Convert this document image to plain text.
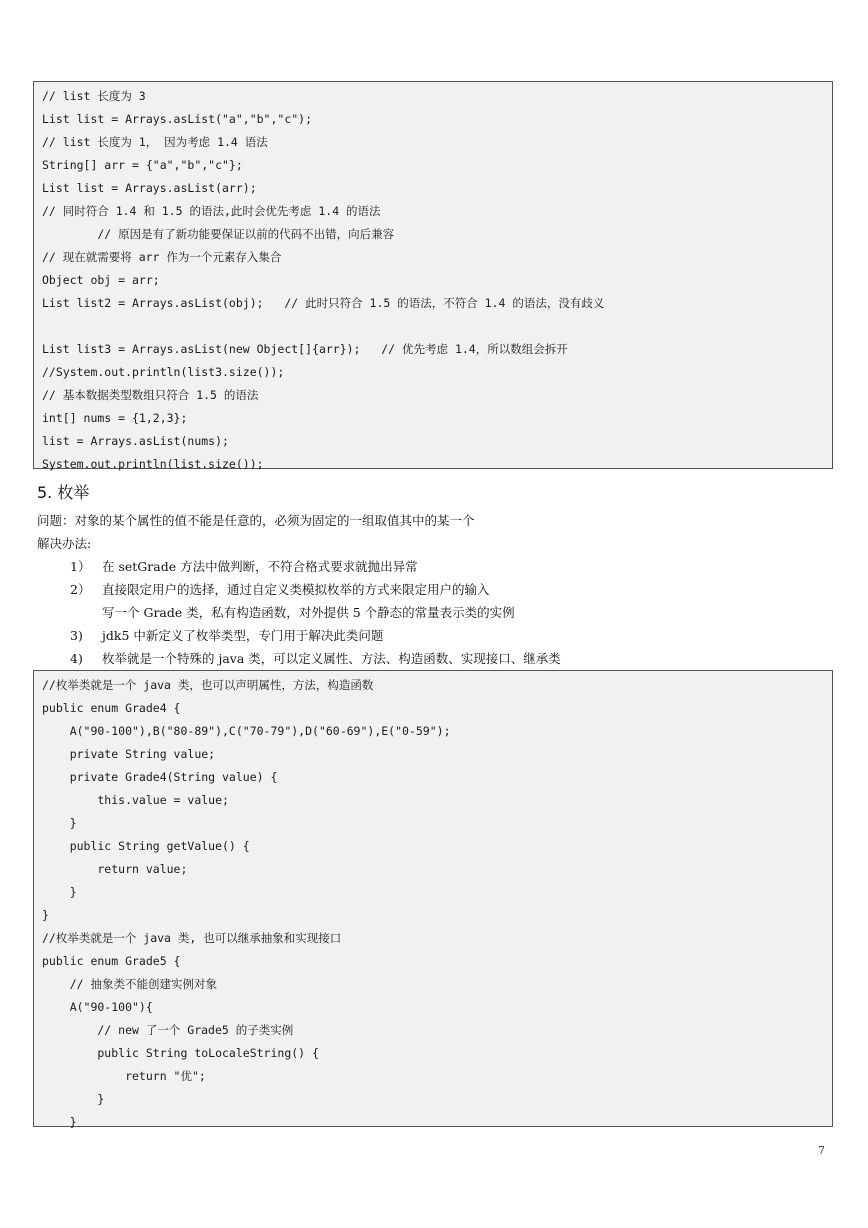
// list 长度为 3
List list = Arrays.asList("a","b","c");
// list 长度为 1， 因为考虑 1.4 语法
String[] arr = {"a","b","c"};
List list = Arrays.asList(arr);
// 同时符合 1.4 和 1.5 的语法,此时会优先考虑 1.4 的语法
// 原因是有了新功能要保证以前的代码不出错，向后兼容
// 现在就需要将 arr 作为一个元素存入集合
Object obj = arr;
List list2 = Arrays.asList(obj);   // 此时只符合 1.5 的语法，不符合 1.4 的语法，没有歧义
List list3 = Arrays.asList(new Object[]{arr});   // 优先考虑 1.4，所以数组会拆开
//System.out.println(list3.size());
// 基本数据类型数组只符合 1.5 的语法
int[] nums = {1,2,3};
list = Arrays.asList(nums);
System.out.println(list.size());
5. 枚举
问题：对象的某个属性的值不能是任意的，必须为固定的一组取值其中的某一个
解决办法:
1） 在 setGrade 方法中做判断，不符合格式要求就抛出异常
2） 直接限定用户的选择，通过自定义类模拟枚举的方式来限定用户的输入
写一个 Grade 类，私有构造函数，对外提供 5 个静态的常量表示类的实例
3) jdk5 中新定义了枚举类型，专门用于解决此类问题
4) 枚举就是一个特殊的 java 类，可以定义属性、方法、构造函数、实现接口、继承类
//枚举类就是一个 java 类，也可以声明属性，方法，构造函数
public enum Grade4 {
A("90-100"),B("80-89"),C("70-79"),D("60-69"),E("0-59");
private String value;
private Grade4(String value) {
this.value = value;
}
public String getValue() {
return value;
}
}
//枚举类就是一个 java 类, 也可以继承抽象和实现接口
public enum Grade5 {
// 抽象类不能创建实例对象
A("90-100"){
// new 了一个 Grade5 的子类实例
public String toLocaleString() {
return "优";
}
}
7
